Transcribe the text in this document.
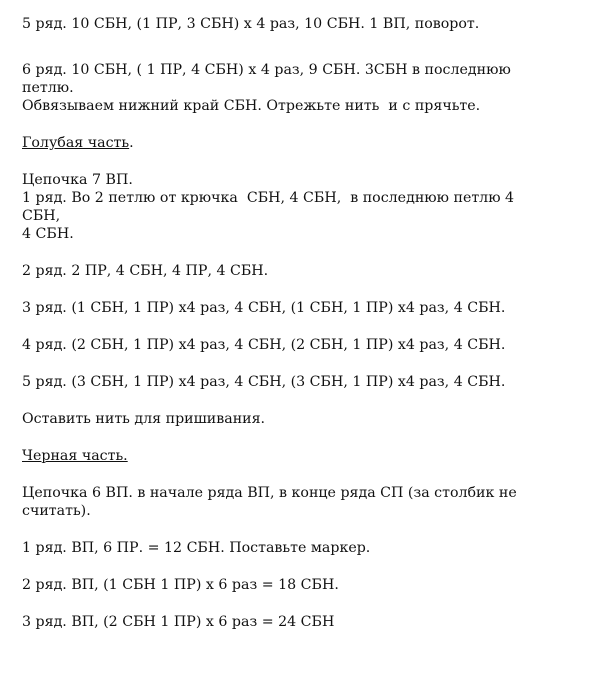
5 ряд. 10 СБН, (1 ПР, 3 СБН) х 4 раз, 10 СБН. 1 ВП, поворот.

6 ряд. 10 СБН, ( 1 ПР, 4 СБН) х 4 раз, 9 СБН. 3СБН в последнюю

петлю.

Обвязываем нижний край СБН. Отрежьте нить  и с прячьте.

Голубая часть.

Цепочка 7 ВП.

1 ряд. Во 2 петлю от крючка  СБН, 4 СБН,  в последнюю петлю 4

СБН,

4 СБН.

2 ряд. 2 ПР, 4 СБН, 4 ПР, 4 СБН.

3 ряд. (1 СБН, 1 ПР) х4 раз, 4 СБН, (1 СБН, 1 ПР) х4 раз, 4 СБН.

4 ряд. (2 СБН, 1 ПР) х4 раз, 4 СБН, (2 СБН, 1 ПР) х4 раз, 4 СБН.

5 ряд. (3 СБН, 1 ПР) х4 раз, 4 СБН, (3 СБН, 1 ПР) х4 раз, 4 СБН.

Оставить нить для пришивания.

Черная часть.

Цепочка 6 ВП. в начале ряда ВП, в конце ряда СП (за столбик не

считать).

1 ряд. ВП, 6 ПР. = 12 СБН. Поставьте маркер.

2 ряд. ВП, (1 СБН 1 ПР) х 6 раз = 18 СБН.

3 ряд. ВП, (2 СБН 1 ПР) х 6 раз = 24 СБН
